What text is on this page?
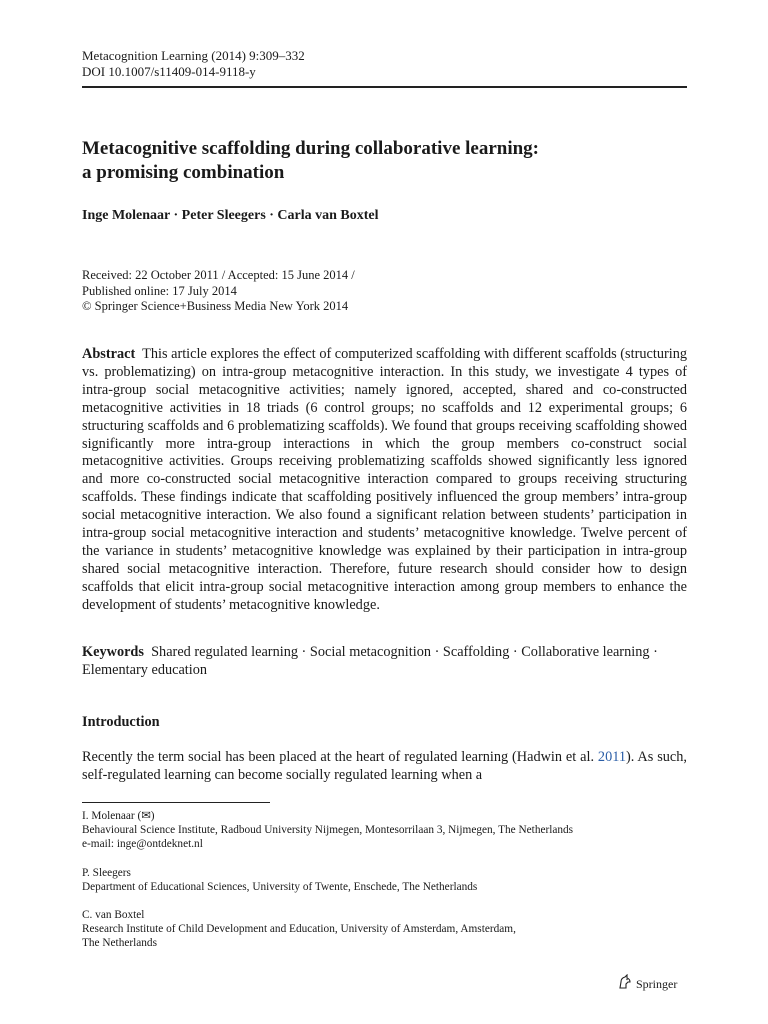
Metacognition Learning (2014) 9:309–332
DOI 10.1007/s11409-014-9118-y
Metacognitive scaffolding during collaborative learning:
a promising combination
Inge Molenaar · Peter Sleegers · Carla van Boxtel
Received: 22 October 2011 / Accepted: 15 June 2014 /
Published online: 17 July 2014
© Springer Science+Business Media New York 2014

Abstract This article explores the effect of computerized scaffolding with different scaffolds (structuring vs. problematizing) on intra-group metacognitive interaction. In this study, we investigate 4 types of intra-group social metacognitive activities; namely ignored, accepted, shared and co-constructed metacognitive activities in 18 triads (6 control groups; no scaffolds and 12 experimental groups; 6 structuring scaffolds and 6 problematizing scaffolds). We found that groups receiving scaffolding showed significantly more intra-group interactions in which the group members co-construct social metacognitive activities. Groups receiving problematizing scaffolds showed significantly less ignored and more co-constructed social metacognitive interaction compared to groups receiving structuring scaffolds. These findings indicate that scaffolding positively influenced the group members’ intra-group social metacognitive interaction. We also found a significant relation between students’ participation in intra-group social metacognitive interaction and students’ metacognitive knowledge. Twelve percent of the variance in students’ metacognitive knowledge was explained by their participation in intra-group shared social metacognitive interaction. Therefore, future research should consider how to design scaffolds that elicit intra-group social metacognitive interaction among group members to enhance the development of students’ metacognitive knowledge.

Keywords Shared regulated learning · Social metacognition · Scaffolding · Collaborative learning · Elementary education

Introduction

Recently the term social has been placed at the heart of regulated learning (Hadwin et al. 2011). As such, self-regulated learning can become socially regulated learning when a

I. Molenaar (✉)
Behavioural Science Institute, Radboud University Nijmegen, Montesorrilaan 3, Nijmegen, The Netherlands
e-mail: inge@ontdeknet.nl
P. Sleegers
Department of Educational Sciences, University of Twente, Enschede, The Netherlands
C. van Boxtel
Research Institute of Child Development and Education, University of Amsterdam, Amsterdam,
The Netherlands
Springer
